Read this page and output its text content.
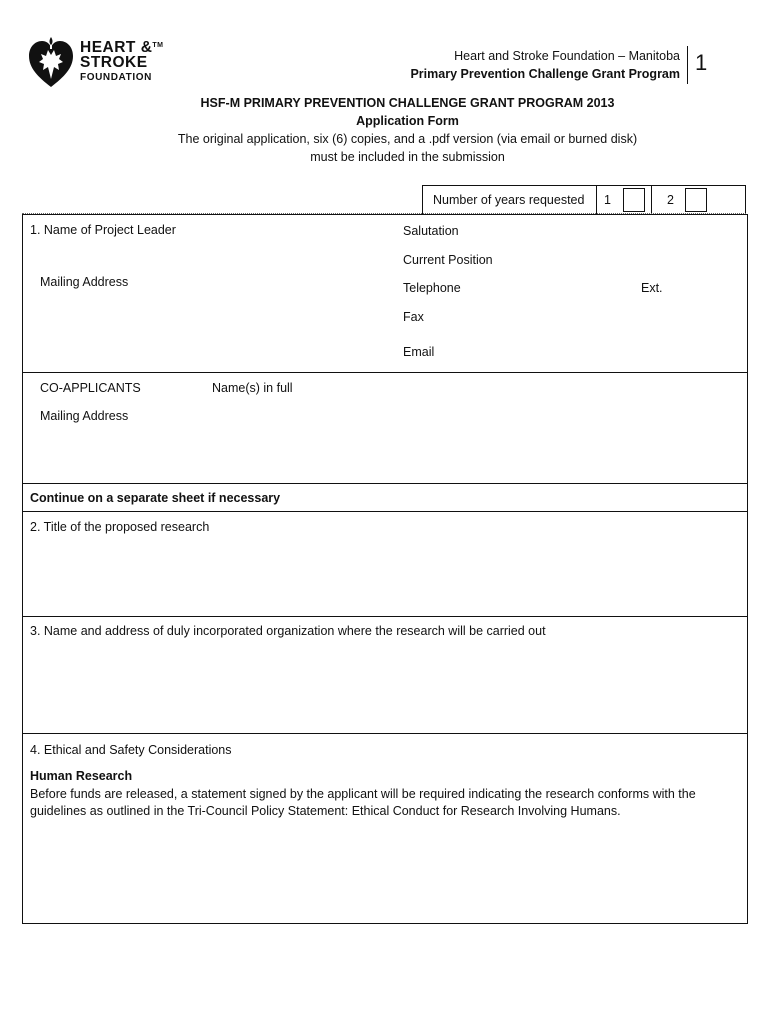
HEART &™
STROKE
FOUNDATION
Heart and Stroke Foundation – Manitoba
Primary Prevention Challenge Grant Program 1
HSF-M PRIMARY PREVENTION CHALLENGE GRANT PROGRAM 2013
Application Form
The original application, six (6) copies, and a .pdf version (via email or burned disk)
must be included in the submission
Number of years requested 1	2
1. Name of Project Leader
Mailing Address
Salutation
Current Position
Telephone	Ext.
Fax
Email
CO-APPLICANTS	Name(s) in full
Mailing Address
Continue on a separate sheet if necessary
2. Title of the proposed research
3. Name and address of duly incorporated organization where the research will be carried out
4. Ethical and Safety Considerations
Human Research
Before funds are released, a statement signed by the applicant will be required indicating the research conforms with the guidelines as outlined in the Tri-Council Policy Statement: Ethical Conduct for Research Involving Humans.
